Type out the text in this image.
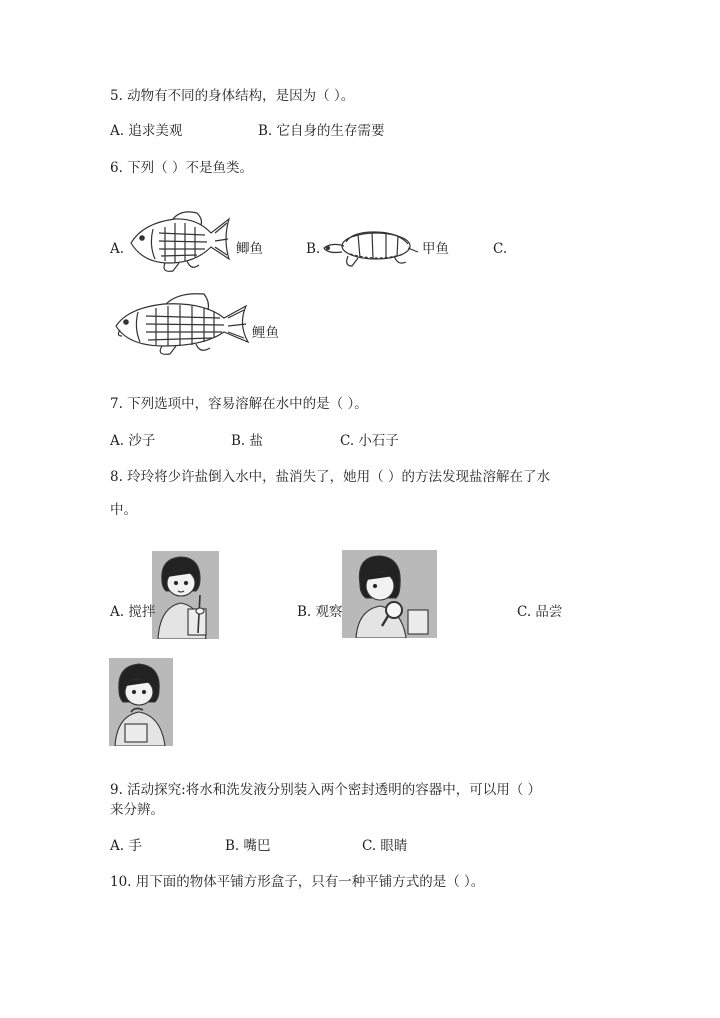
5. 动物有不同的身体结构，是因为（ ）。
A. 追求美观	B. 它自身的生存需要
6. 下列（ ）不是鱼类。
A.	鲫鱼	B.	甲鱼	C.
鲤鱼
7. 下列选项中，容易溶解在水中的是（ ）。
A. 沙子	B. 盐	C. 小石子
8. 玲玲将少许盐倒入水中，盐消失了，她用（ ）的方法发现盐溶解在了水
中。
A. 搅拌	B. 观察	C. 品尝
9. 活动探究:将水和洗发液分别装入两个密封透明的容器中，可以用（ ）
来分辨。
A. 手	B. 嘴巴	C. 眼睛
10. 用下面的物体平铺方形盒子，只有一种平铺方式的是（ ）。
